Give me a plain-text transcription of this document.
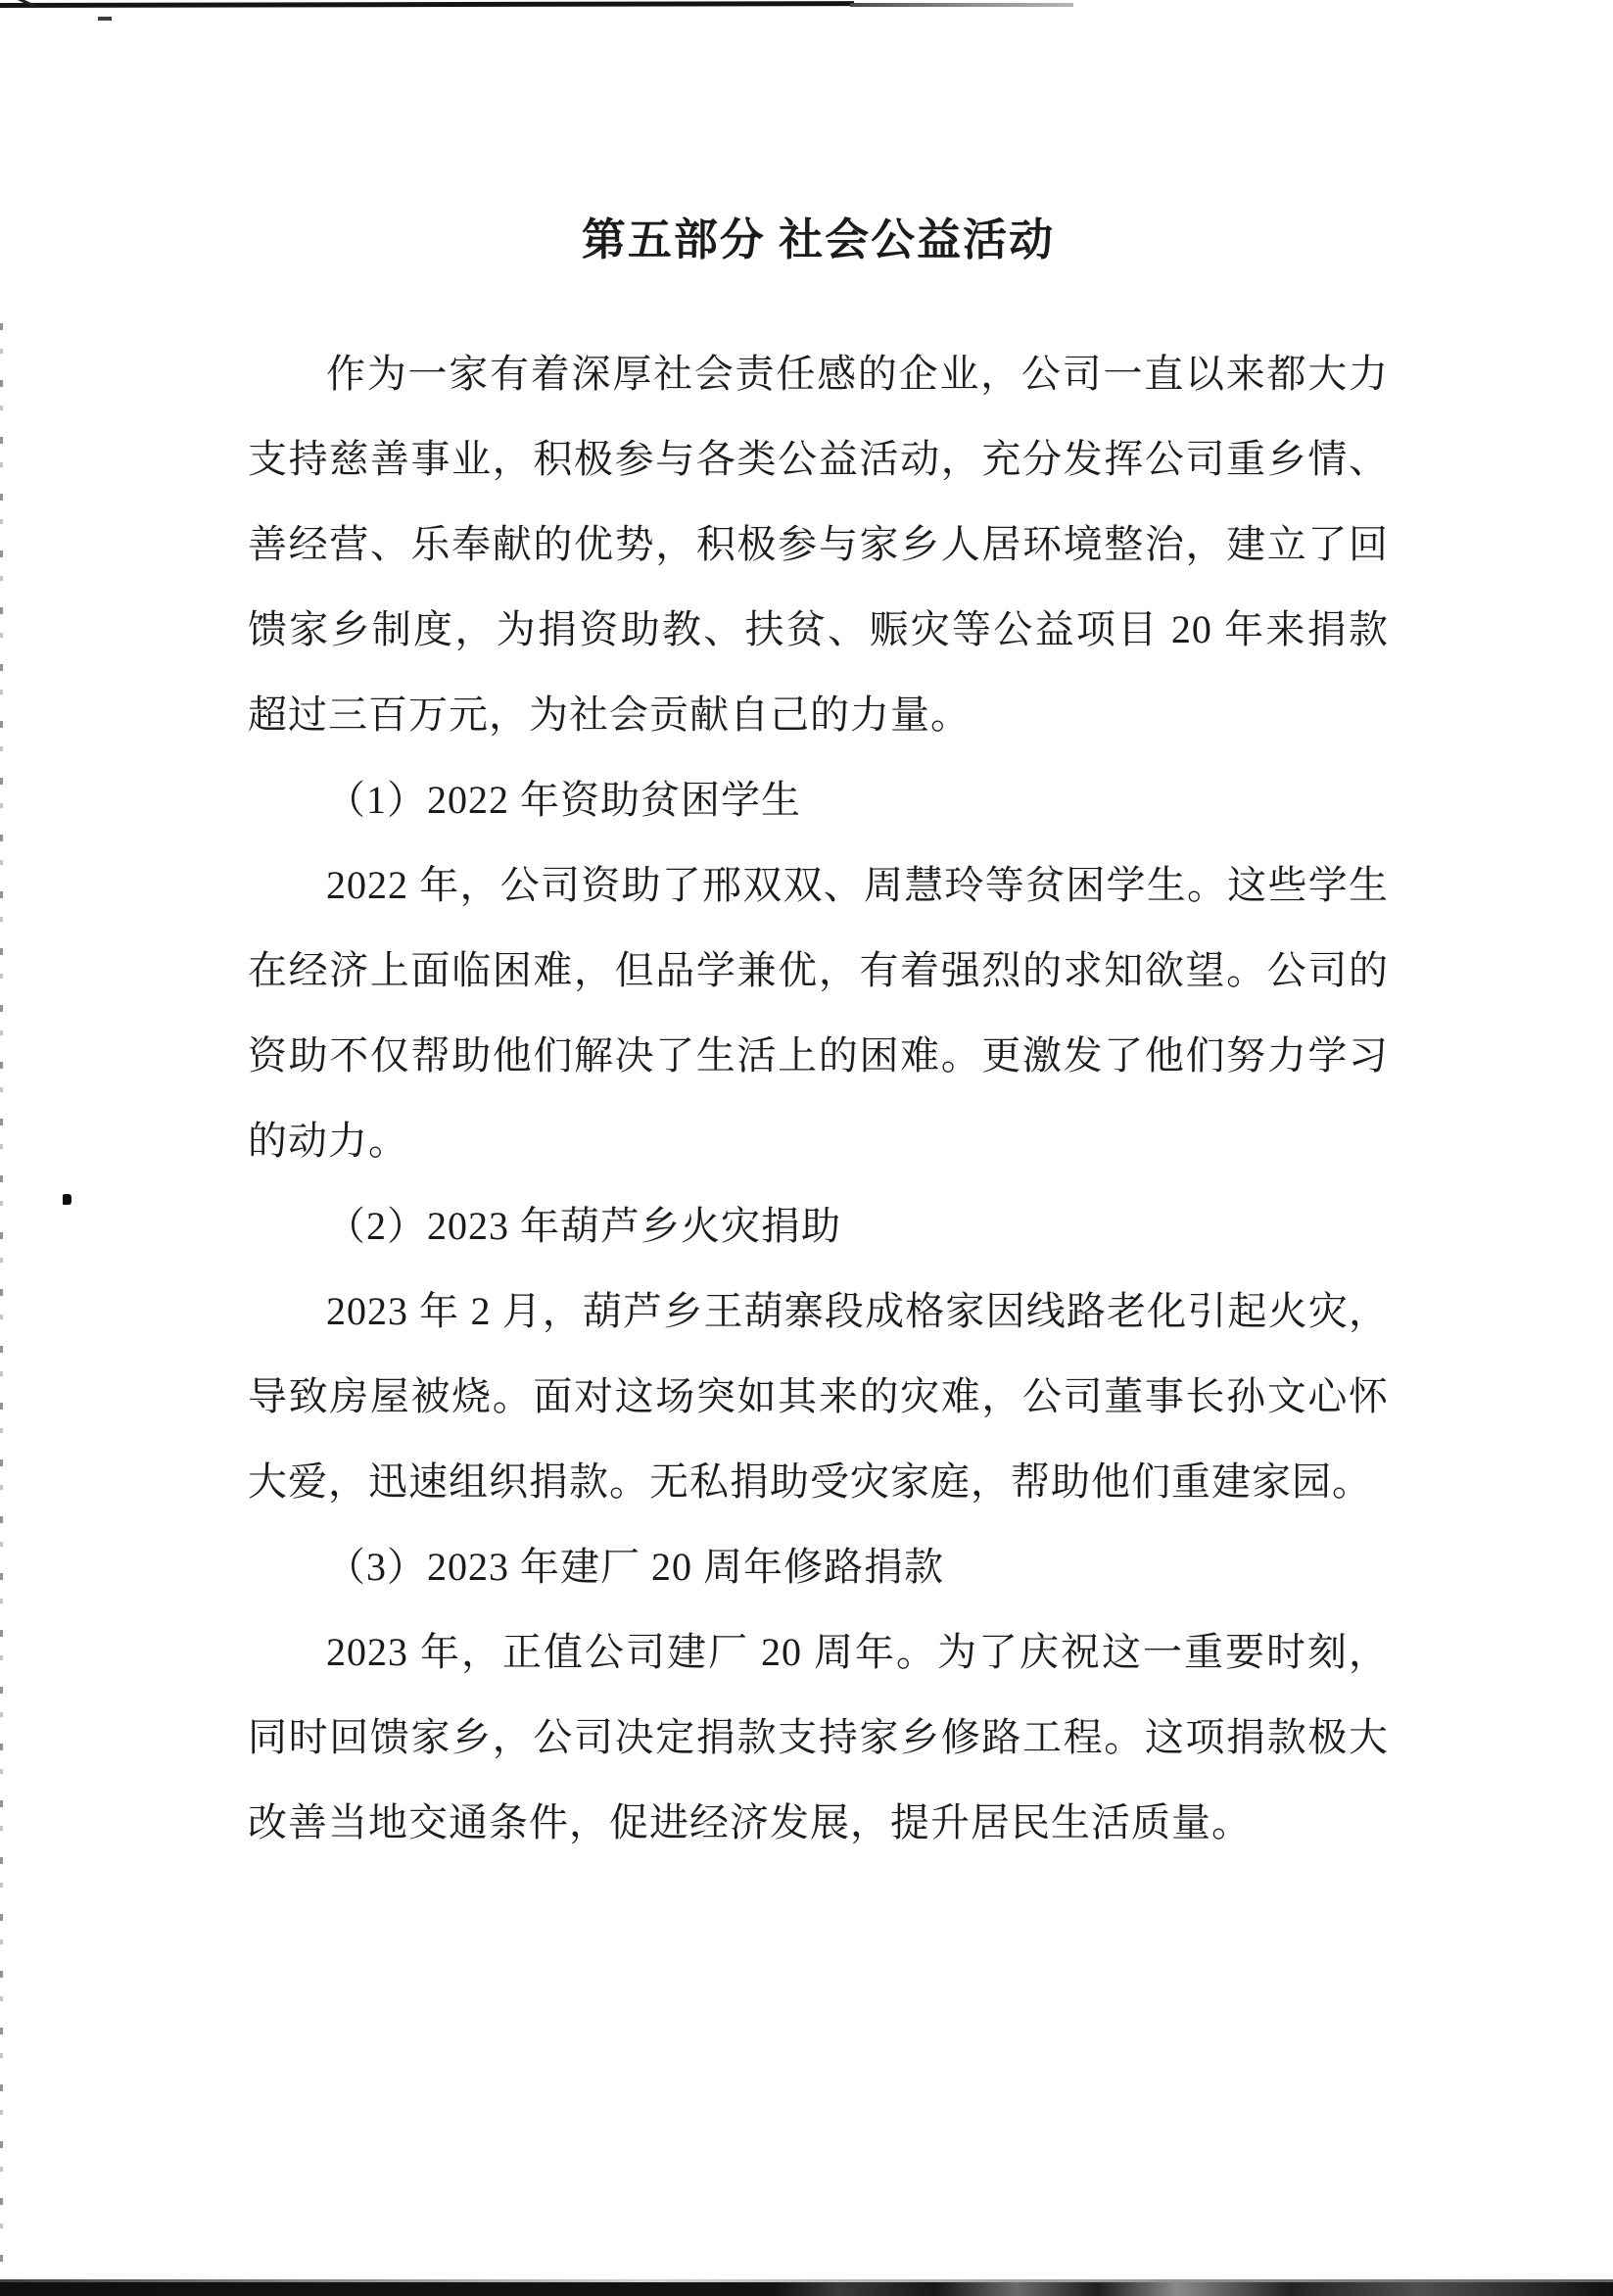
第五部分 社会公益活动

作为一家有着深厚社会责任感的企业，公司一直以来都大力支持慈善事业，积极参与各类公益活动，充分发挥公司重乡情、善经营、乐奉献的优势，积极参与家乡人居环境整治，建立了回馈家乡制度，为捐资助教、扶贫、赈灾等公益项目 20 年来捐款超过三百万元，为社会贡献自己的力量。

（1）2022 年资助贫困学生

2022 年，公司资助了邢双双、周慧玲等贫困学生。这些学生在经济上面临困难，但品学兼优，有着强烈的求知欲望。公司的资助不仅帮助他们解决了生活上的困难。更激发了他们努力学习的动力。

（2）2023 年葫芦乡火灾捐助

2023 年 2 月，葫芦乡王葫寨段成格家因线路老化引起火灾，导致房屋被烧。面对这场突如其来的灾难，公司董事长孙文心怀大爱，迅速组织捐款。无私捐助受灾家庭，帮助他们重建家园。

（3）2023 年建厂 20 周年修路捐款

2023 年，正值公司建厂 20 周年。为了庆祝这一重要时刻，同时回馈家乡，公司决定捐款支持家乡修路工程。这项捐款极大改善当地交通条件，促进经济发展，提升居民生活质量。
